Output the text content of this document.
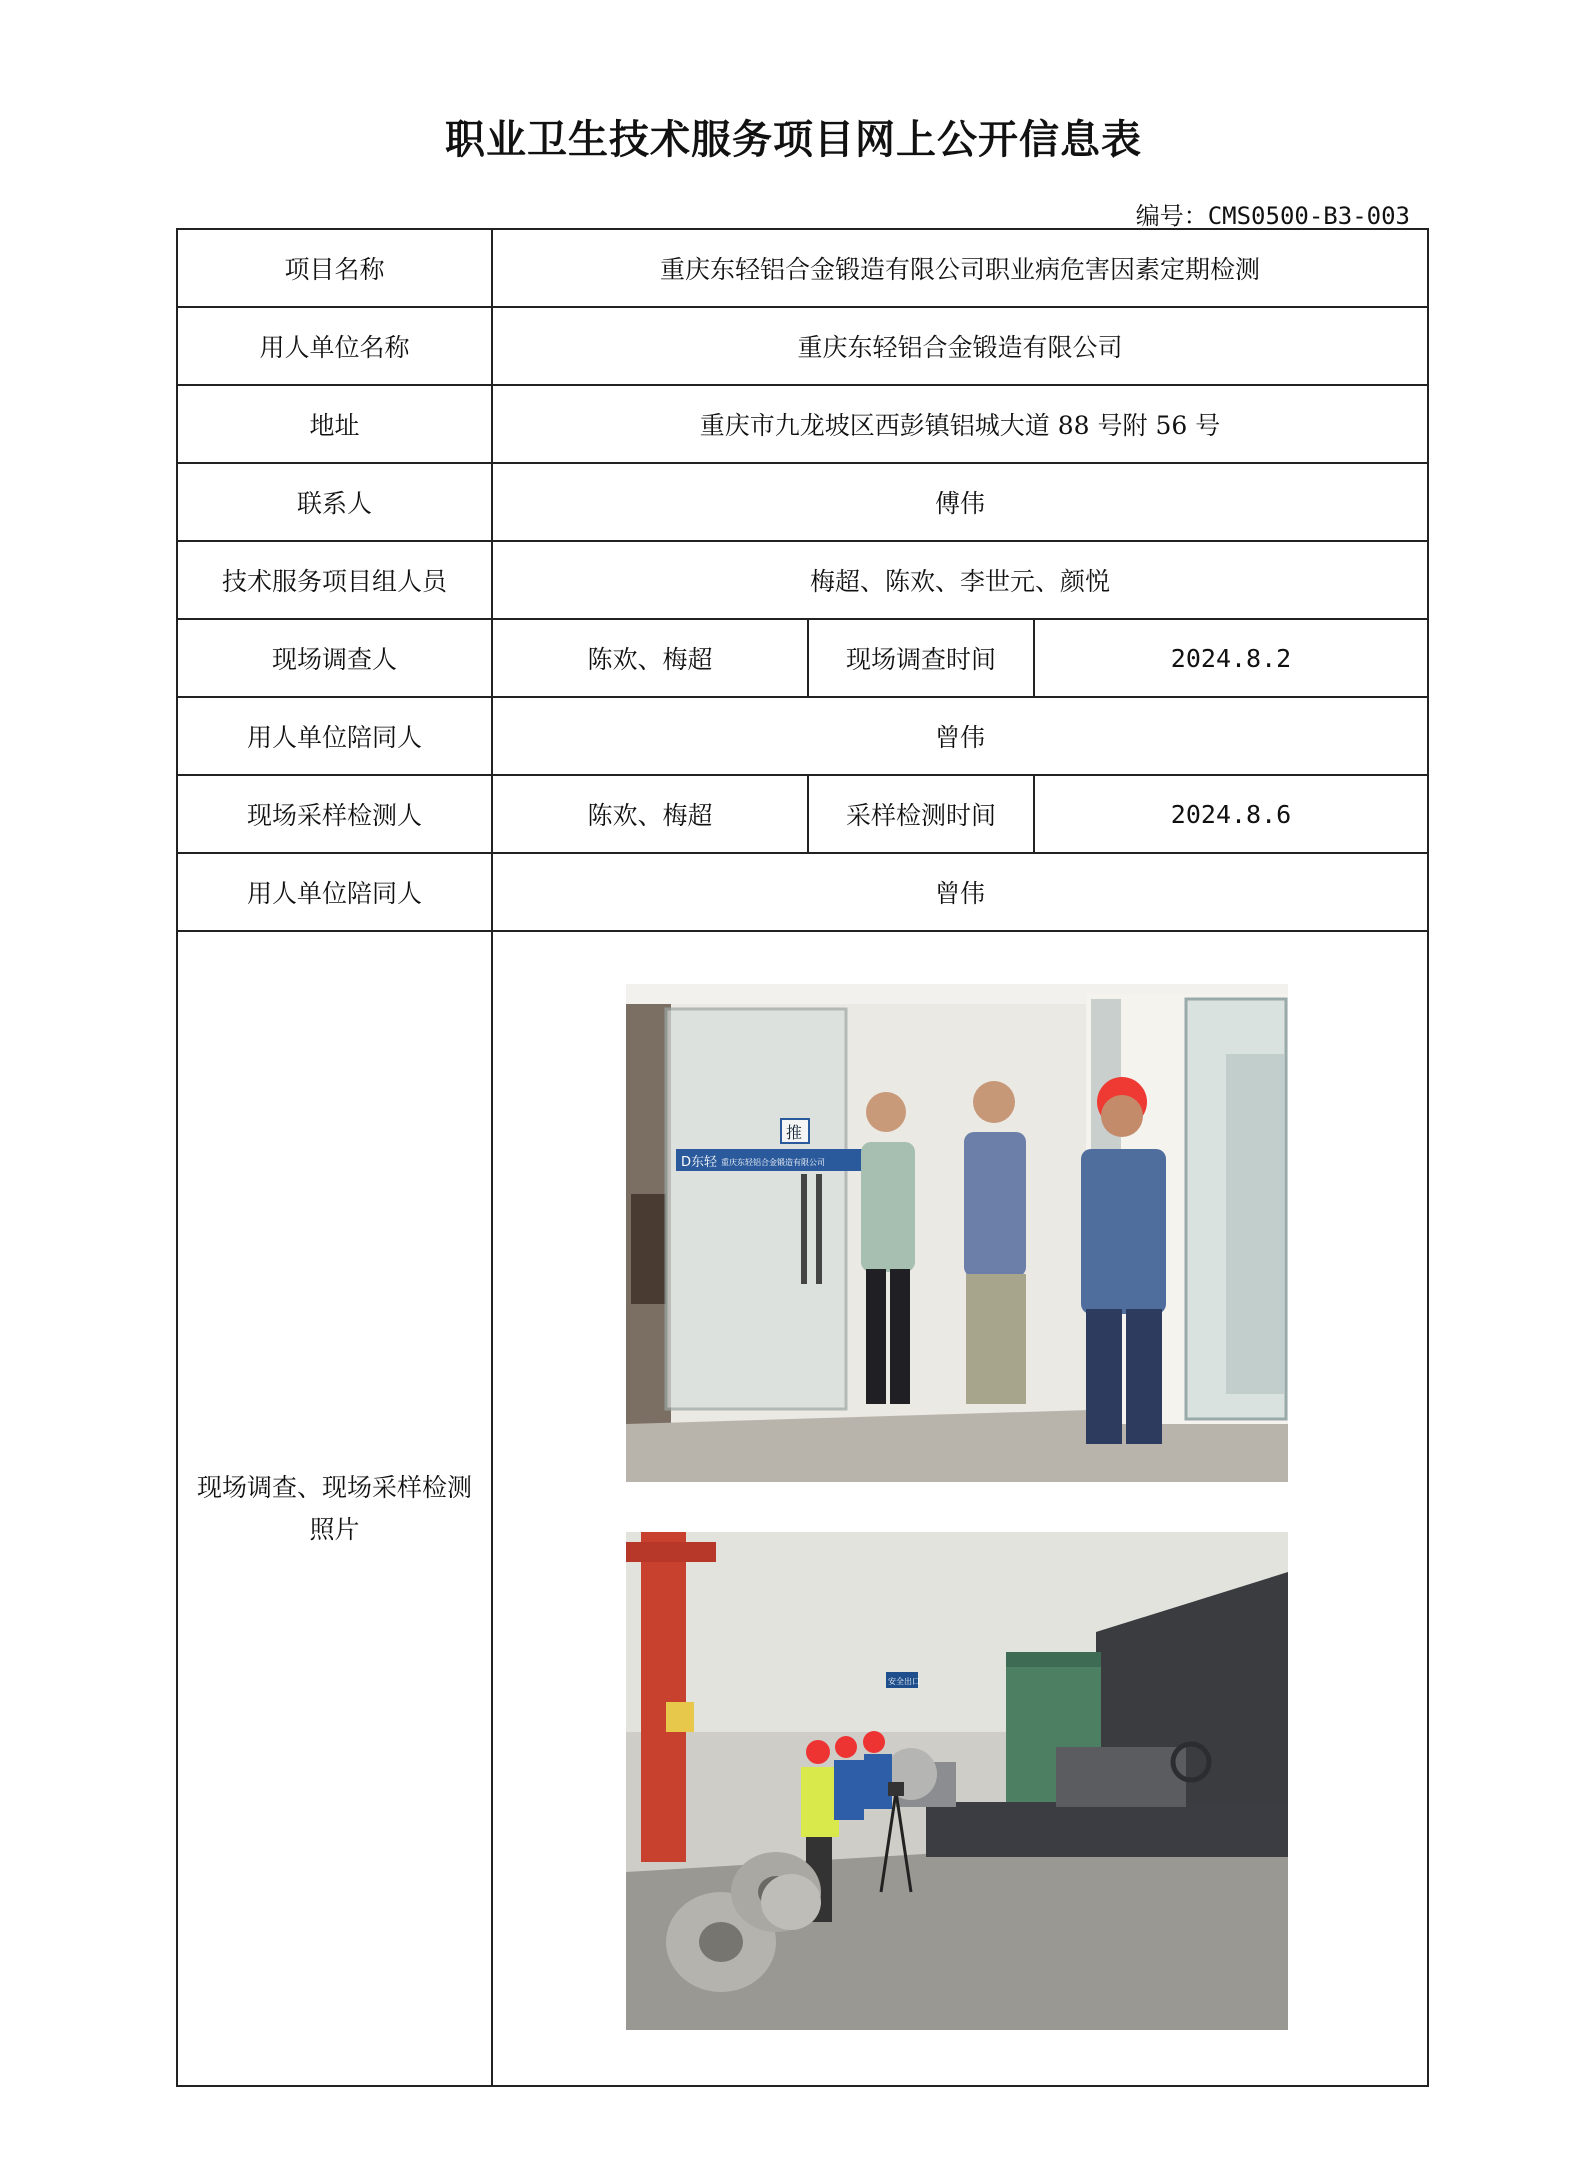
职业卫生技术服务项目网上公开信息表
编号：CMS0500-B3-003
项目名称	重庆东轻铝合金锻造有限公司职业病危害因素定期检测		
用人单位名称	重庆东轻铝合金锻造有限公司		
地址	重庆市九龙坡区西彭镇铝城大道 88 号附 56 号		
联系人	傅伟		
技术服务项目组人员	梅超、陈欢、李世元、颜悦		
现场调查人	陈欢、梅超	现场调查时间	2024.8.2
用人单位陪同人	曾伟		
现场采样检测人	陈欢、梅超	采样检测时间	2024.8.6
用人单位陪同人	曾伟		
现场调查、现场采样检测照片	D东轻 重庆东轻铝合金锻造有限公司
推
安全出口		
